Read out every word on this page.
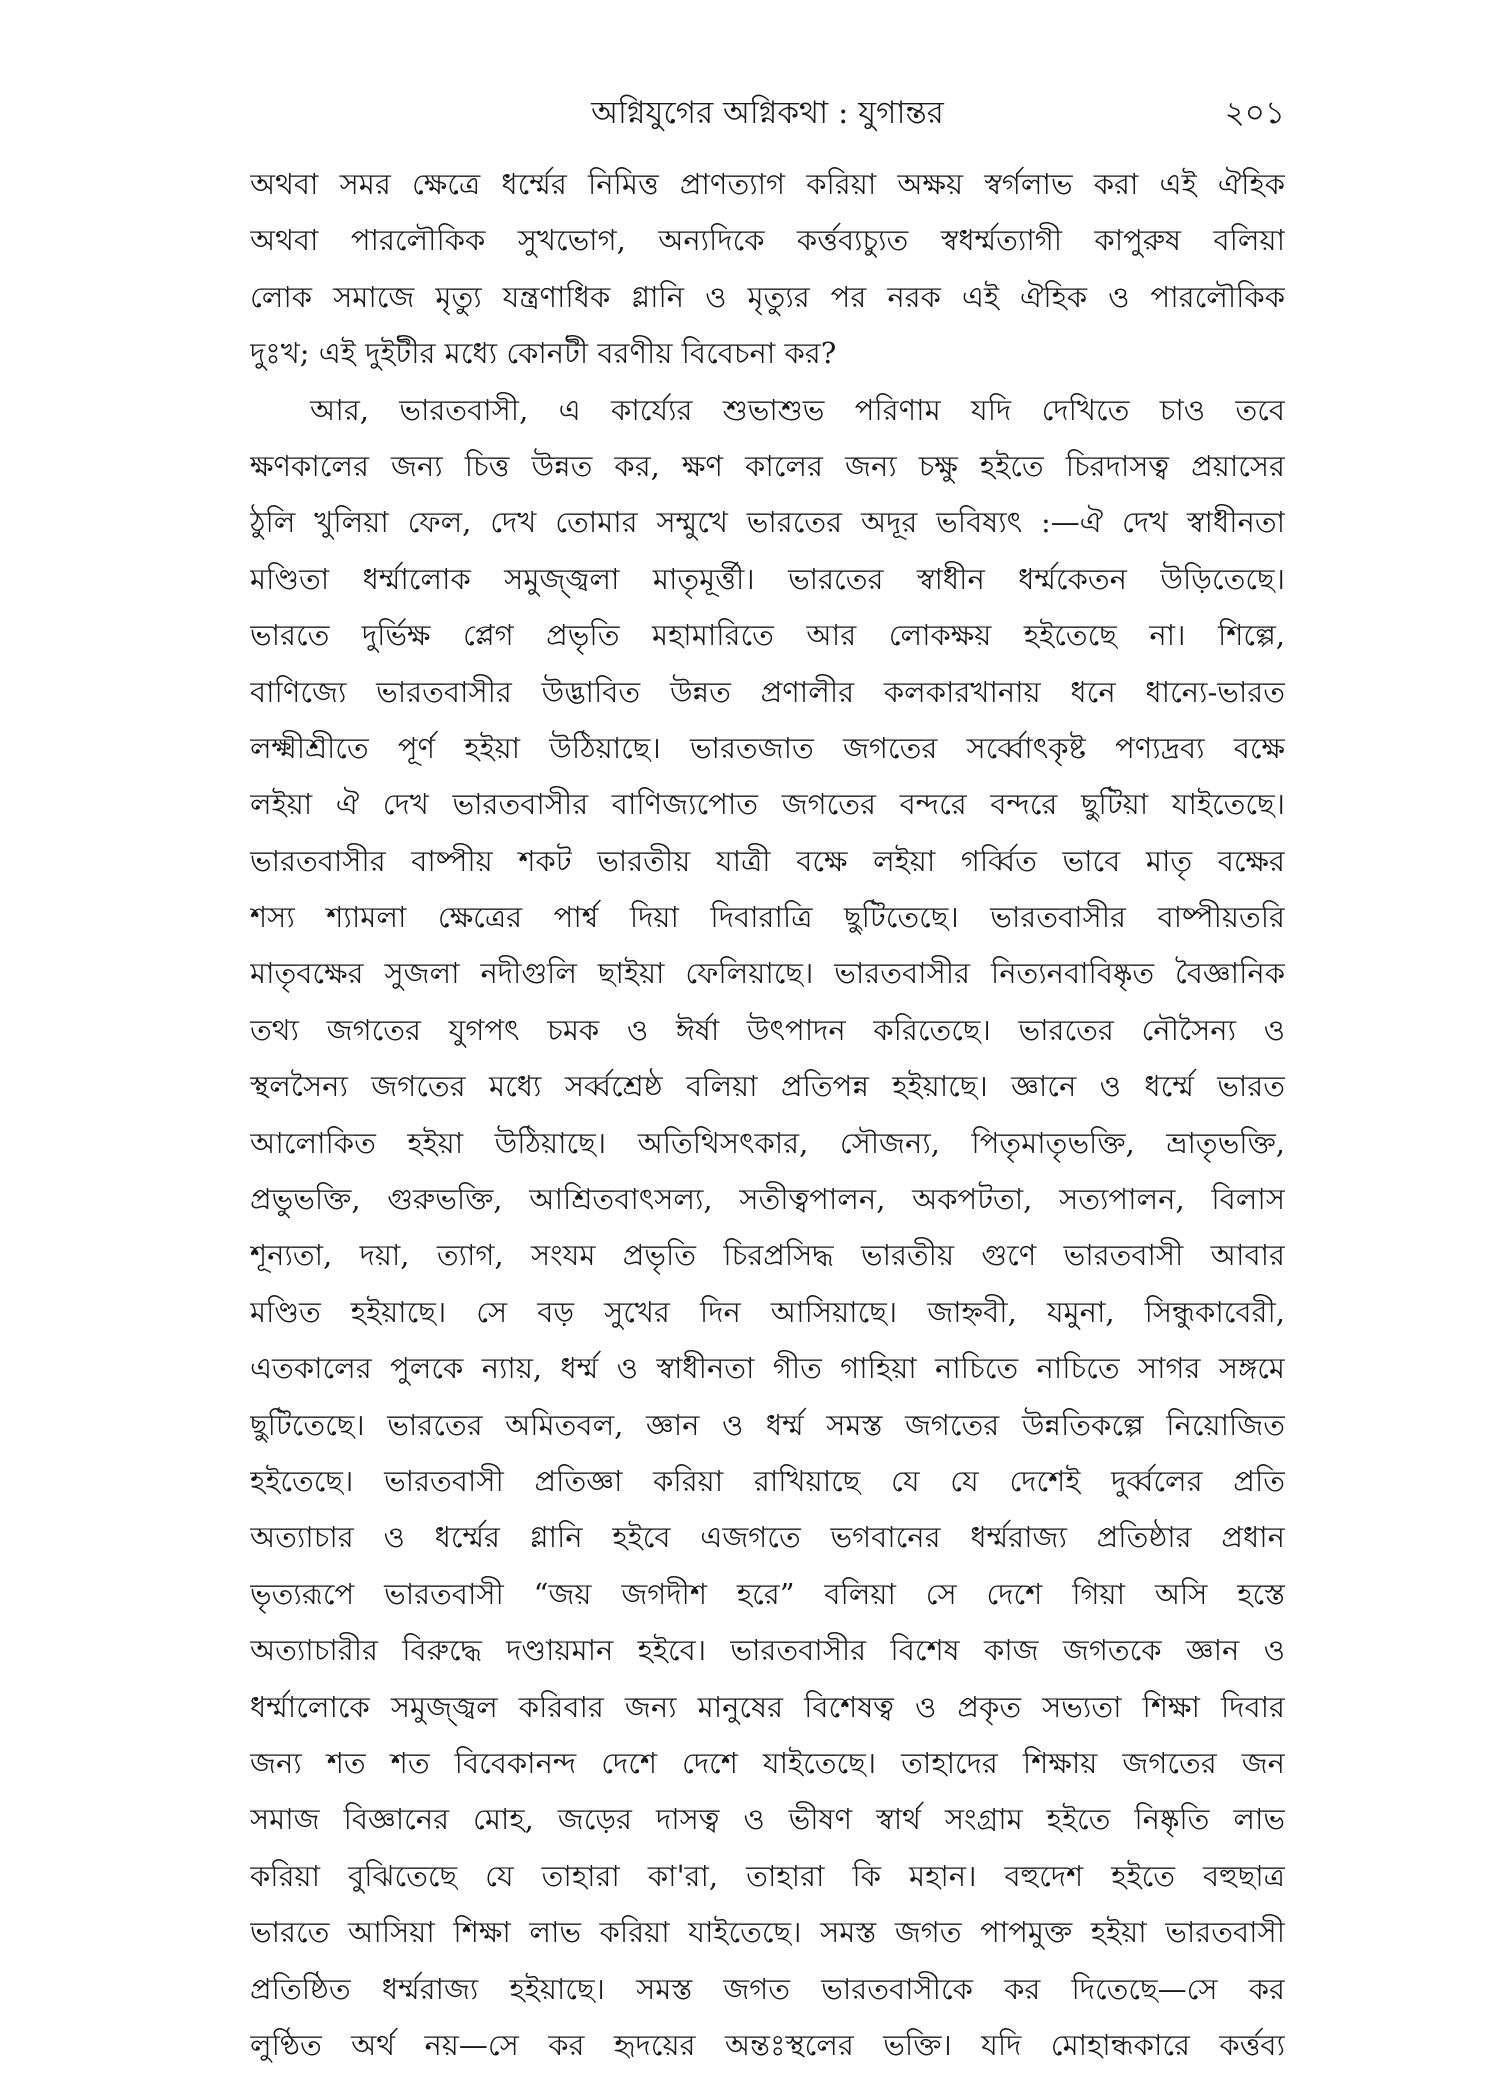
অগ্নিযুগের অগ্নিকথা : যুগান্তর	২০১
অথবা সমর ক্ষেত্রে ধর্ম্মের নিমিত্ত প্রাণত্যাগ করিয়া অক্ষয় স্বর্গলাভ করা এই ঐহিক
অথবা পারলৌকিক সুখভোগ, অন্যদিকে কর্ত্তব্যচ্যুত স্বধর্ম্মত্যাগী কাপুরুষ বলিয়া
লোক সমাজে মৃত্যু যন্ত্রণাধিক গ্লানি ও মৃত্যুর পর নরক এই ঐহিক ও পারলৌকিক
দুঃখ; এই দুইটীর মধ্যে কোনটী বরণীয় বিবেচনা কর?
আর, ভারতবাসী, এ কার্য্যের শুভাশুভ পরিণাম যদি দেখিতে চাও তবে
ক্ষণকালের জন্য চিত্ত উন্নত কর, ক্ষণ কালের জন্য চক্ষু হইতে চিরদাসত্ব প্রয়াসের
ঠুলি খুলিয়া ফেল, দেখ তোমার সম্মুখে ভারতের অদূর ভবিষ্যৎ :—ঐ দেখ স্বাধীনতা
মণ্ডিতা ধর্ম্মালোক সমুজ্জ্বলা মাতৃমূর্ত্তী। ভারতের স্বাধীন ধর্ম্মকেতন উড়িতেছে।
ভারতে দুর্ভিক্ষ প্লেগ প্রভৃতি মহামারিতে আর লোকক্ষয় হইতেছে না। শিল্পে,
বাণিজ্যে ভারতবাসীর উদ্ভাবিত উন্নত প্রণালীর কলকারখানায় ধনে ধান্যে-ভারত
লক্ষ্মীশ্রীতে পূর্ণ হইয়া উঠিয়াছে। ভারতজাত জগতের সর্ব্বোৎকৃষ্ট পণ্যদ্রব্য বক্ষে
লইয়া ঐ দেখ ভারতবাসীর বাণিজ্যপোত জগতের বন্দরে বন্দরে ছুটিয়া যাইতেছে।
ভারতবাসীর বাষ্পীয় শকট ভারতীয় যাত্রী বক্ষে লইয়া গর্ব্বিত ভাবে মাতৃ বক্ষের
শস্য শ্যামলা ক্ষেত্রের পার্শ্ব দিয়া দিবারাত্রি ছুটিতেছে। ভারতবাসীর বাষ্পীয়তরি
মাতৃবক্ষের সুজলা নদীগুলি ছাইয়া ফেলিয়াছে। ভারতবাসীর নিত্যনবাবিষ্কৃত বৈজ্ঞানিক
তথ্য জগতের যুগপৎ চমক ও ঈর্ষা উৎপাদন করিতেছে। ভারতের নৌসৈন্য ও
স্থলসৈন্য জগতের মধ্যে সর্ব্বশ্রেষ্ঠ বলিয়া প্রতিপন্ন হইয়াছে। জ্ঞানে ও ধর্ম্মে ভারত
আলোকিত হইয়া উঠিয়াছে। অতিথিসৎকার, সৌজন্য, পিতৃমাতৃভক্তি, ভ্রাতৃভক্তি,
প্রভুভক্তি, গুরুভক্তি, আশ্রিতবাৎসল্য, সতীত্বপালন, অকপটতা, সত্যপালন, বিলাস
শূন্যতা, দয়া, ত্যাগ, সংযম প্রভৃতি চিরপ্রসিদ্ধ ভারতীয় গুণে ভারতবাসী আবার
মণ্ডিত হইয়াছে। সে বড় সুখের দিন আসিয়াছে। জাহ্নবী, যমুনা, সিন্ধুকাবেরী,
এতকালের পুলকে ন্যায়, ধর্ম্ম ও স্বাধীনতা গীত গাহিয়া নাচিতে নাচিতে সাগর সঙ্গমে
ছুটিতেছে। ভারতের অমিতবল, জ্ঞান ও ধর্ম্ম সমস্ত জগতের উন্নতিকল্পে নিয়োজিত
হইতেছে। ভারতবাসী প্রতিজ্ঞা করিয়া রাখিয়াছে যে যে দেশেই দুর্ব্বলের প্রতি
অত্যাচার ও ধর্ম্মের গ্লানি হইবে এজগতে ভগবানের ধর্ম্মরাজ্য প্রতিষ্ঠার প্রধান
ভৃত্যরূপে ভারতবাসী “জয় জগদীশ হরে” বলিয়া সে দেশে গিয়া অসি হস্তে
অত্যাচারীর বিরুদ্ধে দণ্ডায়মান হইবে। ভারতবাসীর বিশেষ কাজ জগতকে জ্ঞান ও
ধর্ম্মালোকে সমুজ্জ্বল করিবার জন্য মানুষের বিশেষত্ব ও প্রকৃত সভ্যতা শিক্ষা দিবার
জন্য শত শত বিবেকানন্দ দেশে দেশে যাইতেছে। তাহাদের শিক্ষায় জগতের জন
সমাজ বিজ্ঞানের মোহ, জড়ের দাসত্ব ও ভীষণ স্বার্থ সংগ্রাম হইতে নিষ্কৃতি লাভ
করিয়া বুঝিতেছে যে তাহারা কা'রা, তাহারা কি মহান। বহুদেশ হইতে বহুছাত্র
ভারতে আসিয়া শিক্ষা লাভ করিয়া যাইতেছে। সমস্ত জগত পাপমুক্ত হইয়া ভারতবাসী
প্রতিষ্ঠিত ধর্ম্মরাজ্য হইয়াছে। সমস্ত জগত ভারতবাসীকে কর দিতেছে—সে কর
লুণ্ঠিত অর্থ নয়—সে কর হৃদয়ের অন্তঃস্থলের ভক্তি। যদি মোহান্ধকারে কর্ত্তব্য
